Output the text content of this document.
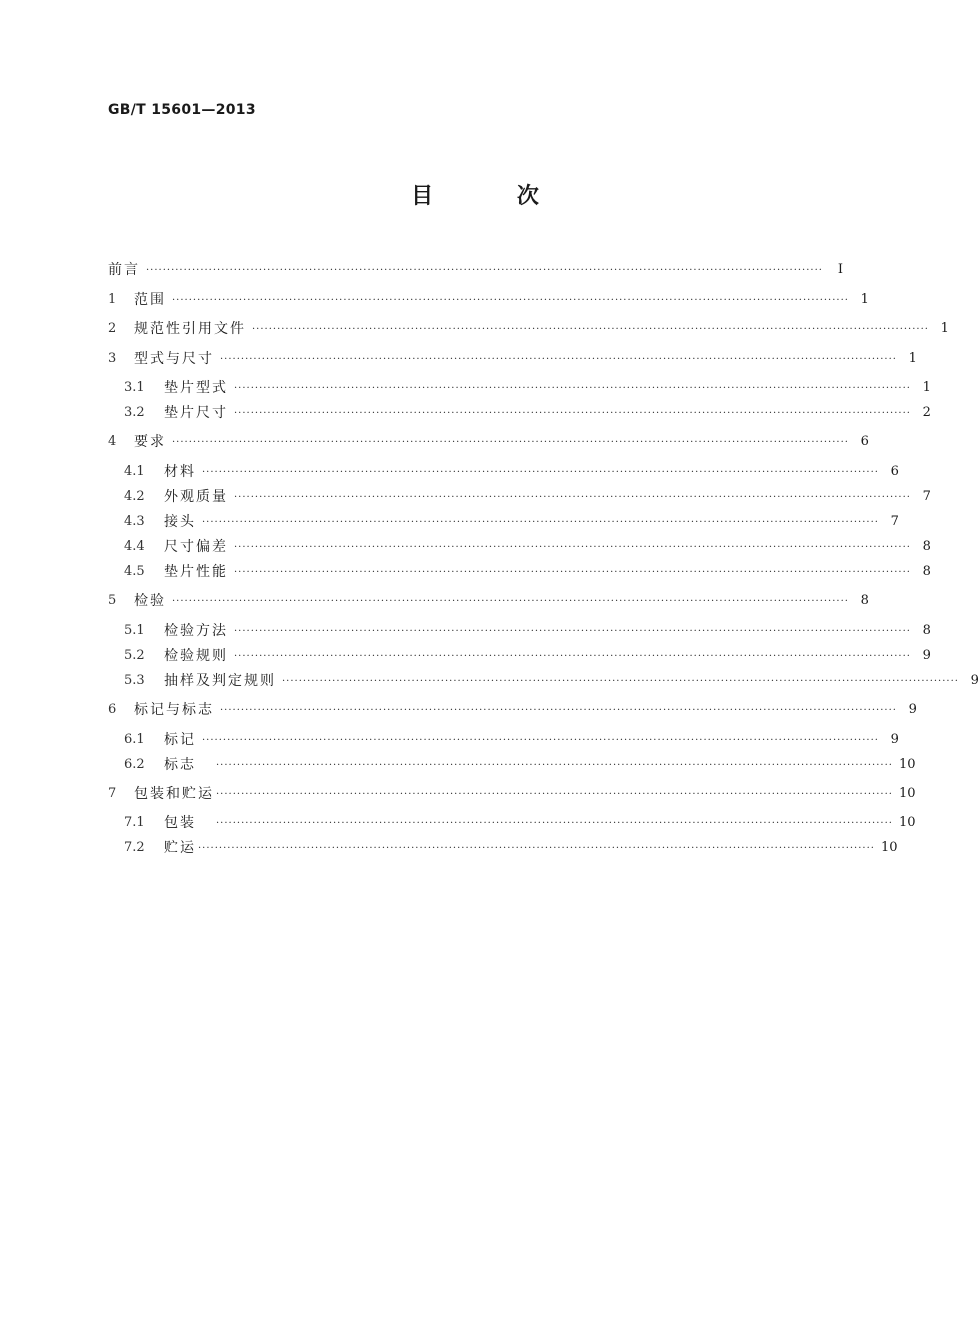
GB/T 15601—2013
目 次
前言 ··································································································································································	Ⅰ
1	范围 ·································································································································································· 1
2	规范性引用文件 ·································································································································································· 1
3	型式与尺寸 ·································································································································································· 1
3.1	垫片型式 ·································································································································································· 1
3.2	垫片尺寸 ·································································································································································· 2
4	要求 ·································································································································································· 6
4.1	材料 ·································································································································································· 6
4.2	外观质量 ·································································································································································· 7
4.3	接头 ·································································································································································· 7
4.4	尺寸偏差 ·································································································································································· 8
4.5	垫片性能 ·································································································································································· 8
5	检验 ·································································································································································· 8
5.1	检验方法 ·································································································································································· 8
5.2	检验规则 ·································································································································································· 9
5.3	抽样及判定规则 ·································································································································································· 9
6	标记与标志 ·································································································································································· 9
6.1	标记 ·································································································································································· 9
6.2	标志 ·································································································································································· 10
7	包装和贮运 ·································································································································································· 10
7.1	包装 ·································································································································································· 10
7.2	贮运 ·································································································································································· 10
